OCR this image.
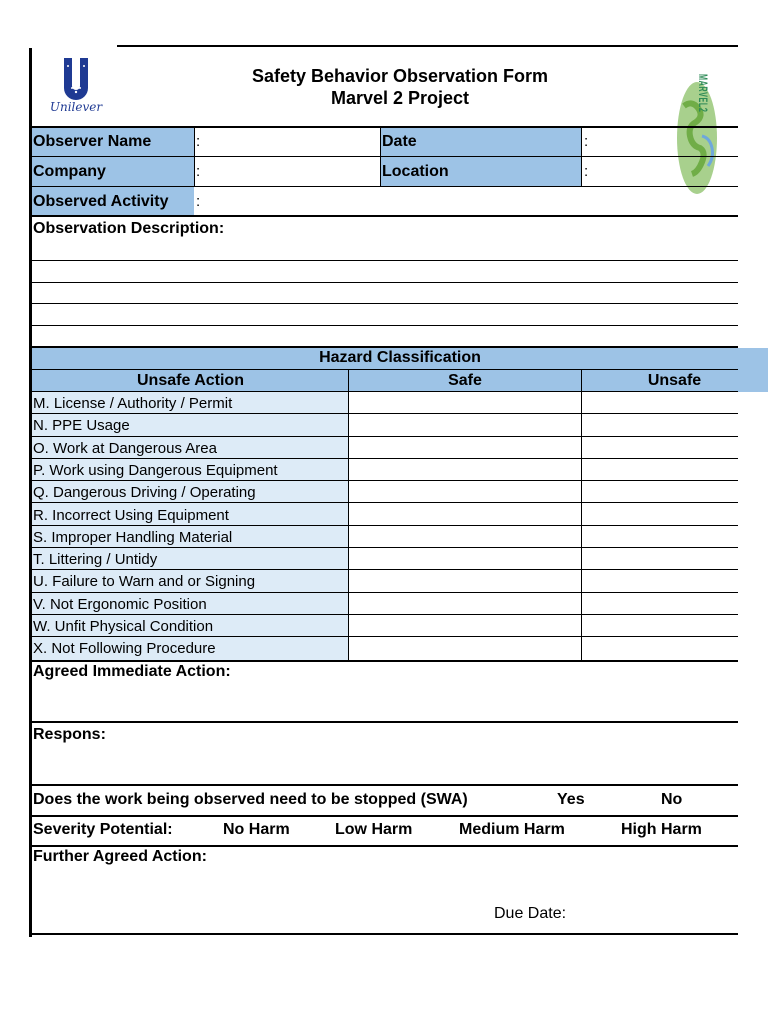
Unilever	MARVEL2
Safety Behavior Observation Form
Marvel 2 Project
Observer Name	:	Date	:
Company	:	Location	:
Observed Activity :
Observation Description:
Hazard Classification
Unsafe Action	Safe	Unsafe
M. License / Authority / Permit
N. PPE Usage
O. Work at Dangerous Area
P. Work using Dangerous Equipment
Q. Dangerous Driving / Operating
R. Incorrect Using Equipment
S. Improper Handling Material
T. Littering / Untidy
U. Failure to Warn and or Signing
V. Not Ergonomic Position
W. Unfit Physical Condition
X. Not Following Procedure
Agreed Immediate Action:
Respons:
Does the work being observed need to be stopped (SWA)	Yes	No
Severity Potential:	No Harm	Low Harm	Medium Harm	High Harm
Further Agreed Action:
Due Date:
